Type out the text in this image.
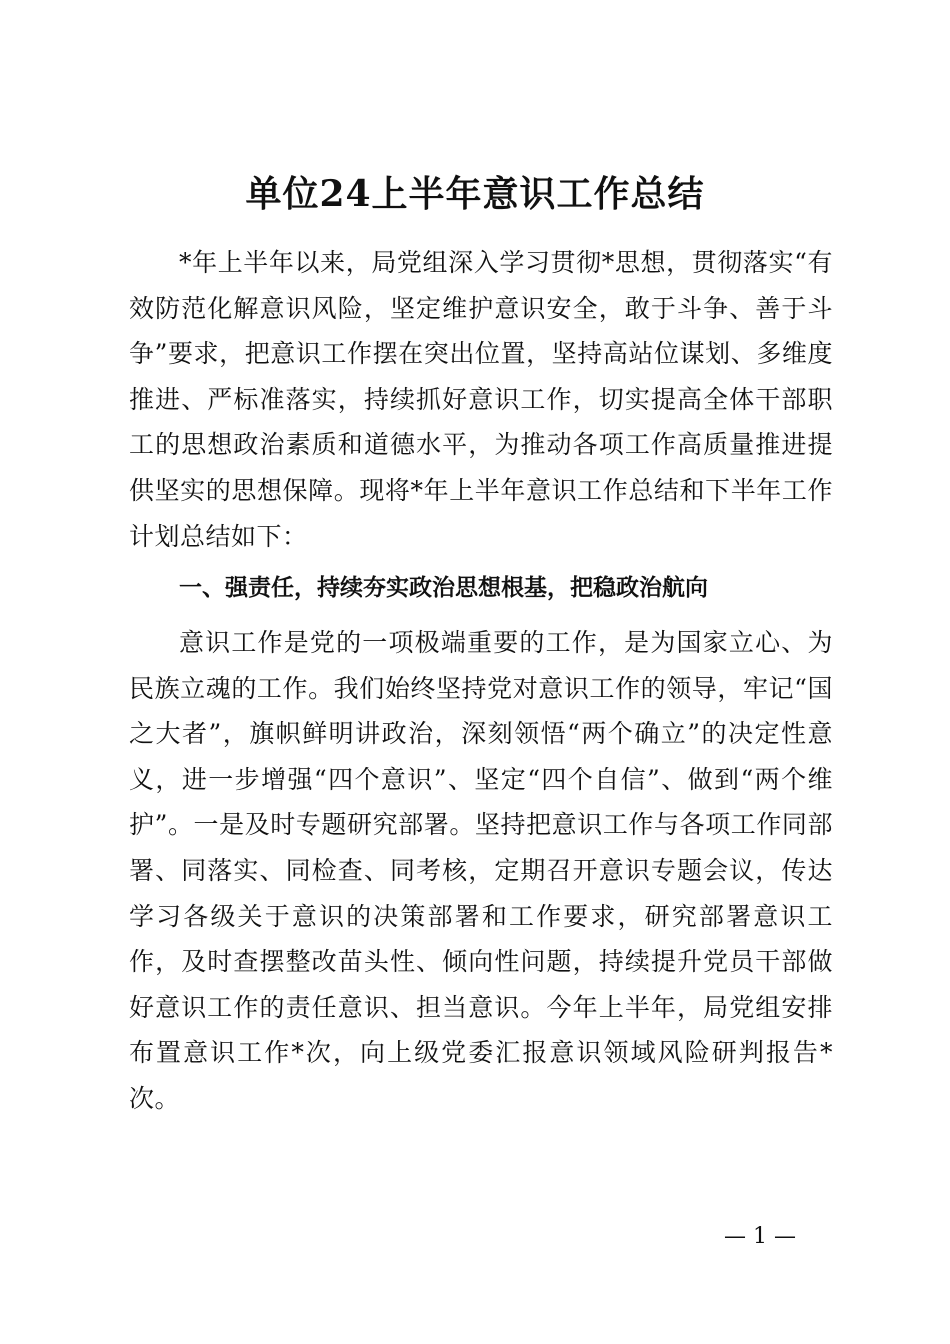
单位24上半年意识工作总结

*年上半年以来，局党组深入学习贯彻*思想，贯彻落实“有效防范化解意识风险，坚定维护意识安全，敢于斗争、善于斗争”要求，把意识工作摆在突出位置，坚持高站位谋划、多维度推进、严标准落实，持续抓好意识工作，切实提高全体干部职工的思想政治素质和道德水平，为推动各项工作高质量推进提供坚实的思想保障。现将*年上半年意识工作总结和下半年工作计划总结如下：

一、强责任，持续夯实政治思想根基，把稳政治航向

意识工作是党的一项极端重要的工作，是为国家立心、为民族立魂的工作。我们始终坚持党对意识工作的领导，牢记“国之大者”，旗帜鲜明讲政治，深刻领悟“两个确立”的决定性意义，进一步增强“四个意识”、坚定“四个自信”、做到“两个维护”。一是及时专题研究部署。坚持把意识工作与各项工作同部署、同落实、同检查、同考核，定期召开意识专题会议，传达学习各级关于意识的决策部署和工作要求，研究部署意识工作，及时查摆整改苗头性、倾向性问题，持续提升党员干部做好意识工作的责任意识、担当意识。今年上半年，局党组安排布置意识工作*次，向上级党委汇报意识领域风险研判报告*次。

— 1 —
